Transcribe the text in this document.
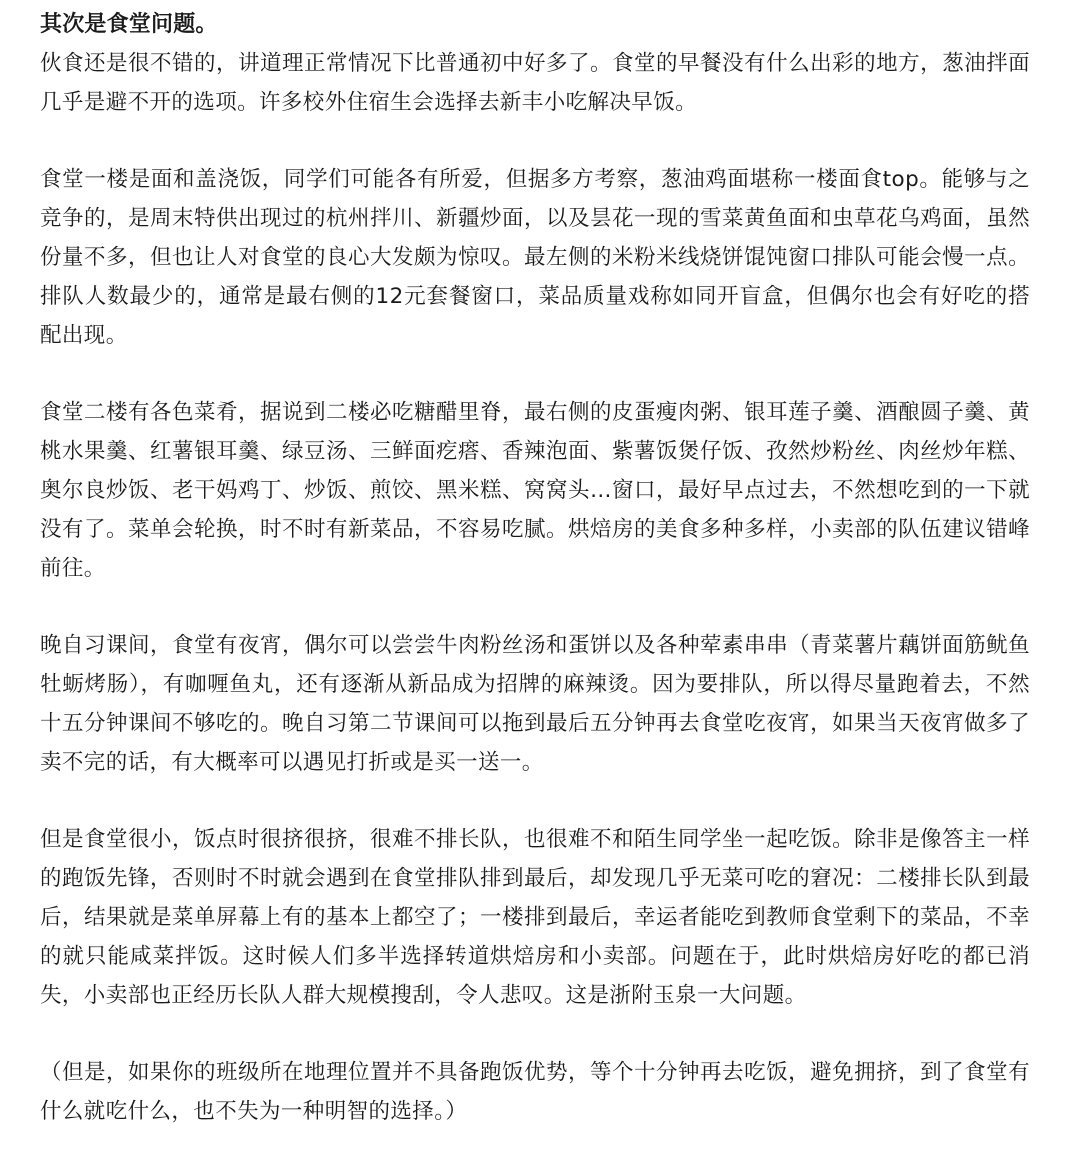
其次是食堂问题。

伙食还是很不错的，讲道理正常情况下比普通初中好多了。食堂的早餐没有什么出彩的地方，葱油拌面几乎是避不开的选项。许多校外住宿生会选择去新丰小吃解决早饭。

食堂一楼是面和盖浇饭，同学们可能各有所爱，但据多方考察，葱油鸡面堪称一楼面食top。能够与之竞争的，是周末特供出现过的杭州拌川、新疆炒面，以及昙花一现的雪菜黄鱼面和虫草花乌鸡面，虽然份量不多，但也让人对食堂的良心大发颇为惊叹。最左侧的米粉米线烧饼馄饨窗口排队可能会慢一点。排队人数最少的，通常是最右侧的12元套餐窗口，菜品质量戏称如同开盲盒，但偶尔也会有好吃的搭配出现。

食堂二楼有各色菜肴，据说到二楼必吃糖醋里脊，最右侧的皮蛋瘦肉粥、银耳莲子羹、酒酿圆子羹、黄桃水果羹、红薯银耳羹、绿豆汤、三鲜面疙瘩、香辣泡面、紫薯饭煲仔饭、孜然炒粉丝、肉丝炒年糕、奥尔良炒饭、老干妈鸡丁、炒饭、煎饺、黑米糕、窝窝头…窗口，最好早点过去，不然想吃到的一下就没有了。菜单会轮换，时不时有新菜品，不容易吃腻。烘焙房的美食多种多样，小卖部的队伍建议错峰前往。

晚自习课间，食堂有夜宵，偶尔可以尝尝牛肉粉丝汤和蛋饼以及各种荤素串串（青菜薯片藕饼面筋鱿鱼牡蛎烤肠），有咖喱鱼丸，还有逐渐从新品成为招牌的麻辣烫。因为要排队，所以得尽量跑着去，不然十五分钟课间不够吃的。晚自习第二节课间可以拖到最后五分钟再去食堂吃夜宵，如果当天夜宵做多了卖不完的话，有大概率可以遇见打折或是买一送一。

但是食堂很小，饭点时很挤很挤，很难不排长队，也很难不和陌生同学坐一起吃饭。除非是像答主一样的跑饭先锋，否则时不时就会遇到在食堂排队排到最后，却发现几乎无菜可吃的窘况：二楼排长队到最后，结果就是菜单屏幕上有的基本上都空了；一楼排到最后，幸运者能吃到教师食堂剩下的菜品，不幸的就只能咸菜拌饭。这时候人们多半选择转道烘焙房和小卖部。问题在于，此时烘焙房好吃的都已消失，小卖部也正经历长队人群大规模搜刮，令人悲叹。这是浙附玉泉一大问题。

（但是，如果你的班级所在地理位置并不具备跑饭优势，等个十分钟再去吃饭，避免拥挤，到了食堂有什么就吃什么，也不失为一种明智的选择。）
